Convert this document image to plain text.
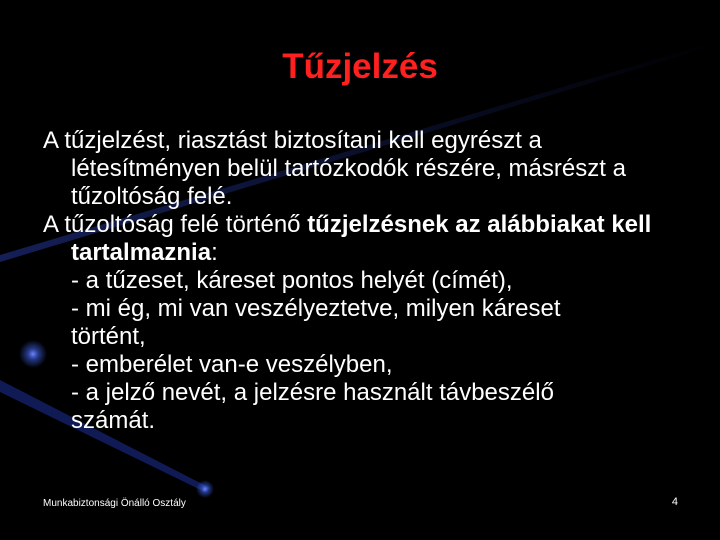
Tűzjelzés

A tűzjelzést, riasztást biztosítani kell egyrészt a létesítményen belül tartózkodók részére, másrészt a tűzoltóság felé.

A tűzoltóság felé történő tűzjelzésnek az alábbiakat kell tartalmaznia:

- a tűzeset, káreset pontos helyét (címét),

- mi ég, mi van veszélyeztetve, milyen káreset

történt,

- emberélet van-e veszélyben,

- a jelző nevét, a jelzésre használt távbeszélő

számát.

Munkabiztonsági Önálló Osztály	4
